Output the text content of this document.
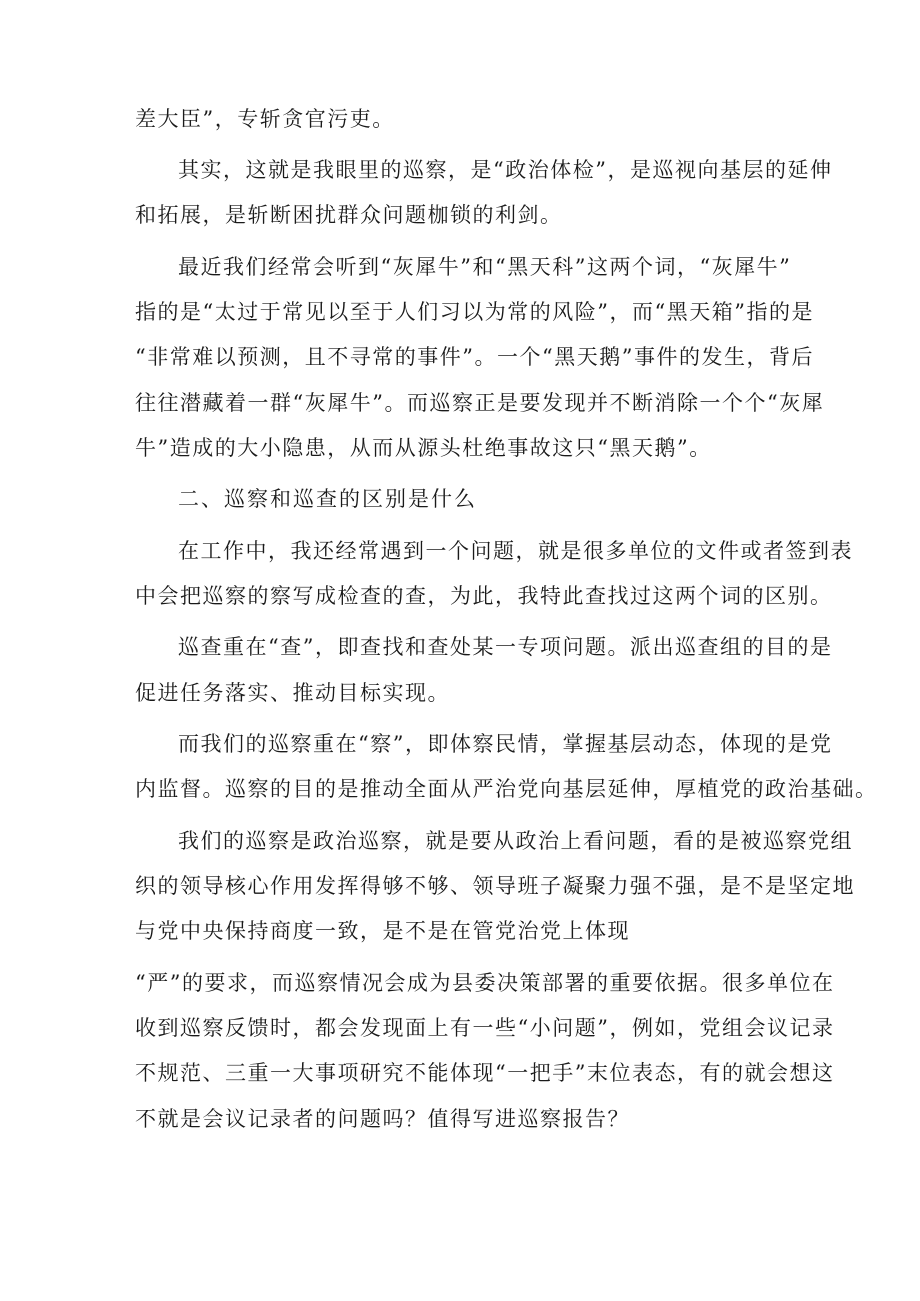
差大臣”，专斩贪官污吏。
其实，这就是我眼里的巡察，是“政治体检”，是巡视向基层的延伸
和拓展，是斩断困扰群众问题枷锁的利剑。
最近我们经常会听到“灰犀牛”和“黑天科”这两个词，“灰犀牛”
指的是“太过于常见以至于人们习以为常的风险”，而“黑天箱”指的是
“非常难以预测，且不寻常的事件”。一个“黑天鹅”事件的发生，背后
往往潜藏着一群“灰犀牛”。而巡察正是要发现并不断消除一个个“灰犀
牛”造成的大小隐患，从而从源头杜绝事故这只“黑天鹅”。
二、巡察和巡查的区别是什么
在工作中，我还经常遇到一个问题，就是很多单位的文件或者签到表
中会把巡察的察写成检查的查，为此，我特此查找过这两个词的区别。
巡查重在“查”，即查找和查处某一专项问题。派出巡查组的目的是
促进任务落实、推动目标实现。
而我们的巡察重在“察”，即体察民情，掌握基层动态，体现的是党
内监督。巡察的目的是推动全面从严治党向基层延伸，厚植党的政治基础。
我们的巡察是政治巡察，就是要从政治上看问题，看的是被巡察党组
织的领导核心作用发挥得够不够、领导班子凝聚力强不强，是不是坚定地
与党中央保持商度一致，是不是在管党治党上体现
“严”的要求，而巡察情况会成为县委决策部署的重要依据。很多单位在
收到巡察反馈时，都会发现面上有一些“小问题”，例如，党组会议记录
不规范、三重一大事项研究不能体现“一把手”末位表态，有的就会想这
不就是会议记录者的问题吗？值得写进巡察报告？
